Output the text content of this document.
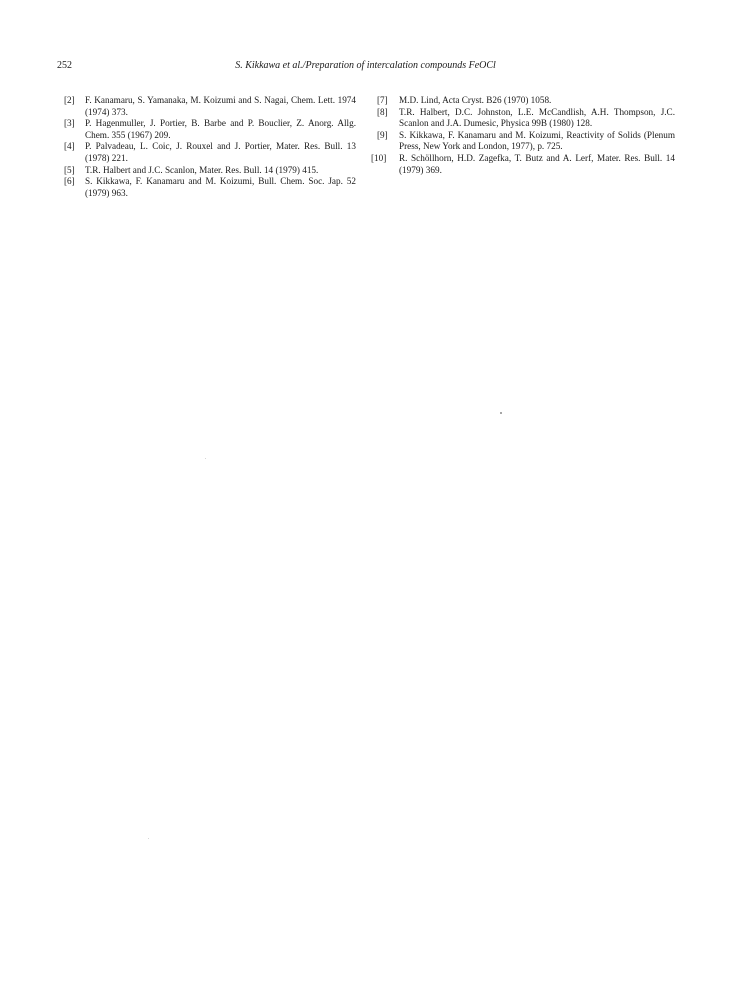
252	S. Kikkawa et al./Preparation of intercalation compounds FeOCl
[2]	F. Kanamaru, S. Yamanaka, M. Koizumi and S. Nagai, Chem. Lett. 1974 (1974) 373.
[3]	P. Hagenmuller, J. Portier, B. Barbe and P. Bouclier, Z. Anorg. Allg. Chem. 355 (1967) 209.
[4]	P. Palvadeau, L. Coic, J. Rouxel and J. Portier, Mater. Res. Bull. 13 (1978) 221.
[5]	T.R. Halbert and J.C. Scanlon, Mater. Res. Bull. 14 (1979) 415.
[6]	S. Kikkawa, F. Kanamaru and M. Koizumi, Bull. Chem. Soc. Jap. 52 (1979) 963.
[7]	M.D. Lind, Acta Cryst. B26 (1970) 1058.
[8]	T.R. Halbert, D.C. Johnston, L.E. McCandlish, A.H. Thompson, J.C. Scanlon and J.A. Dumesic, Physica 99B (1980) 128.
[9]	S. Kikkawa, F. Kanamaru and M. Koizumi, Reactivity of Solids (Plenum Press, New York and London, 1977), p. 725.
[10]	R. Schöllhorn, H.D. Zagefka, T. Butz and A. Lerf, Mater. Res. Bull. 14 (1979) 369.
